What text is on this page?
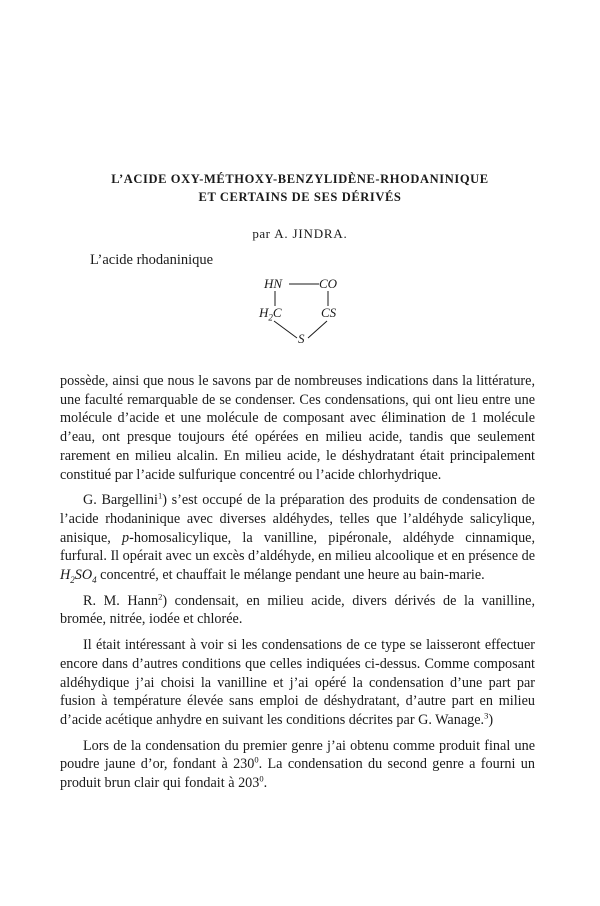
L’ACIDE OXY-MÉTHOXY-BENZYLIDÈNE-RHODANINIQUE
ET CERTAINS DE SES DÉRIVÉS
par A. JINDRA.
L’acide rhodaninique
HN	CO
$H_2C$	CS
S

possède, ainsi que nous le savons par de nombreuses indications dans la littérature, une faculté remarquable de se condenser. Ces condensations, qui ont lieu entre une molécule d’acide et une molécule de composant avec élimination de 1 molécule d’eau, ont presque toujours été opérées en milieu acide, tandis que seulement rarement en milieu alcalin. En milieu acide, le déshydratant était principalement constitué par l’acide sulfurique concentré ou l’acide chlorhydrique.

G. Bargellini$^1$) s’est occupé de la préparation des produits de condensation de l’acide rhodaninique avec diverses aldéhydes, telles que l’aldéhyde salicylique, anisique, p-homosalicylique, la vanilline, pipéronale, aldéhyde cinnamique, furfural. Il opérait avec un excès d’aldéhyde, en milieu alcoolique et en présence de $H_2SO_4$ concentré, et chauffait le mélange pendant une heure au bain-marie.

R. M. Hann$^2$) condensait, en milieu acide, divers dérivés de la vanilline, bromée, nitrée, iodée et chlorée.

Il était intéressant à voir si les condensations de ce type se laisseront effectuer encore dans d’autres conditions que celles indiquées ci-dessus. Comme composant aldéhydique j’ai choisi la vanilline et j’ai opéré la condensation d’une part par fusion à température élevée sans emploi de déshydratant, d’autre part en milieu d’acide acétique anhydre en suivant les conditions décrites par G. Wanage.$^3$)

Lors de la condensation du premier genre j’ai obtenu comme produit final une poudre jaune d’or, fondant à $230^0$. La condensation du second genre a fourni un produit brun clair qui fondait à $203^0$.
